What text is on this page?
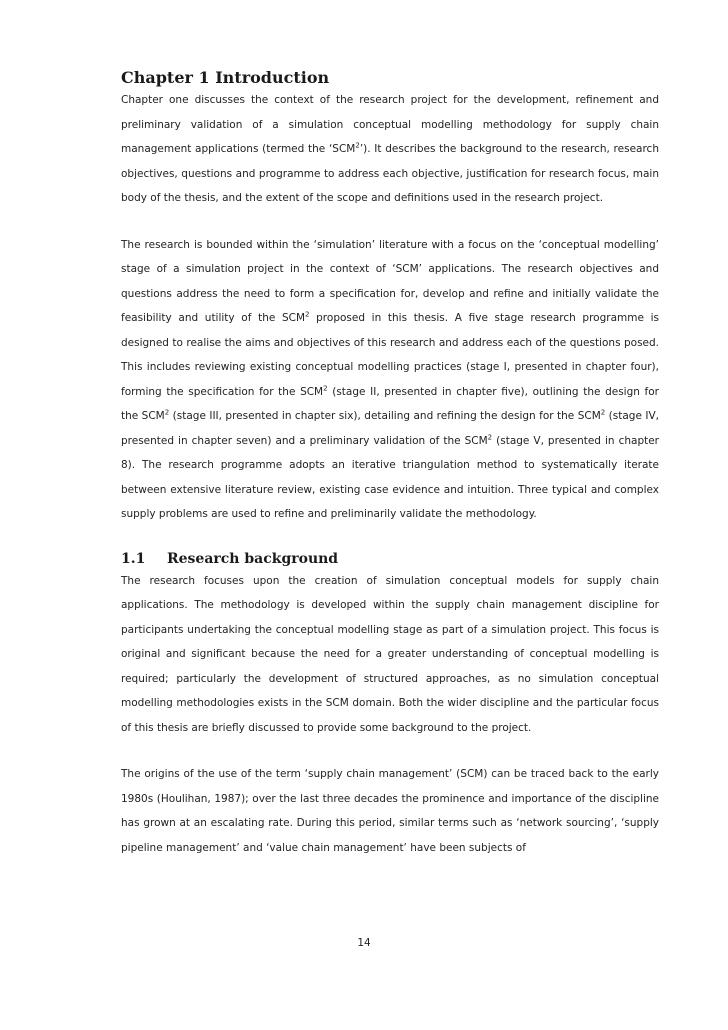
Chapter 1 Introduction

Chapter one discusses the context of the research project for the development, refinement and preliminary validation of a simulation conceptual modelling methodology for supply chain management applications (termed the ‘SCM$^2$’). It describes the background to the research, research objectives, questions and programme to address each objective, justification for research focus, main body of the thesis, and the extent of the scope and definitions used in the research project.

The research is bounded within the ‘simulation’ literature with a focus on the ‘conceptual modelling’ stage of a simulation project in the context of ‘SCM’ applications. The research objectives and questions address the need to form a specification for, develop and refine and initially validate the feasibility and utility of the SCM$^2$ proposed in this thesis. A five stage research programme is designed to realise the aims and objectives of this research and address each of the questions posed. This includes reviewing existing conceptual modelling practices (stage I, presented in chapter four), forming the specification for the SCM$^2$ (stage II, presented in chapter five), outlining the design for the SCM$^2$ (stage III, presented in chapter six), detailing and refining the design for the SCM$^2$ (stage IV, presented in chapter seven) and a preliminary validation of the SCM$^2$ (stage V, presented in chapter 8). The research programme adopts an iterative triangulation method to systematically iterate between extensive literature review, existing case evidence and intuition. Three typical and complex supply problems are used to refine and preliminarily validate the methodology.

1.1	Research background

The research focuses upon the creation of simulation conceptual models for supply chain applications. The methodology is developed within the supply chain management discipline for participants undertaking the conceptual modelling stage as part of a simulation project. This focus is original and significant because the need for a greater understanding of conceptual modelling is required; particularly the development of structured approaches, as no simulation conceptual modelling methodologies exists in the SCM domain. Both the wider discipline and the particular focus of this thesis are briefly discussed to provide some background to the project.

The origins of the use of the term ‘supply chain management’ (SCM) can be traced back to the early 1980s (Houlihan, 1987); over the last three decades the prominence and importance of the discipline has grown at an escalating rate. During this period, similar terms such as ‘network sourcing’, ‘supply pipeline management’ and ‘value chain management’ have been subjects of

14
